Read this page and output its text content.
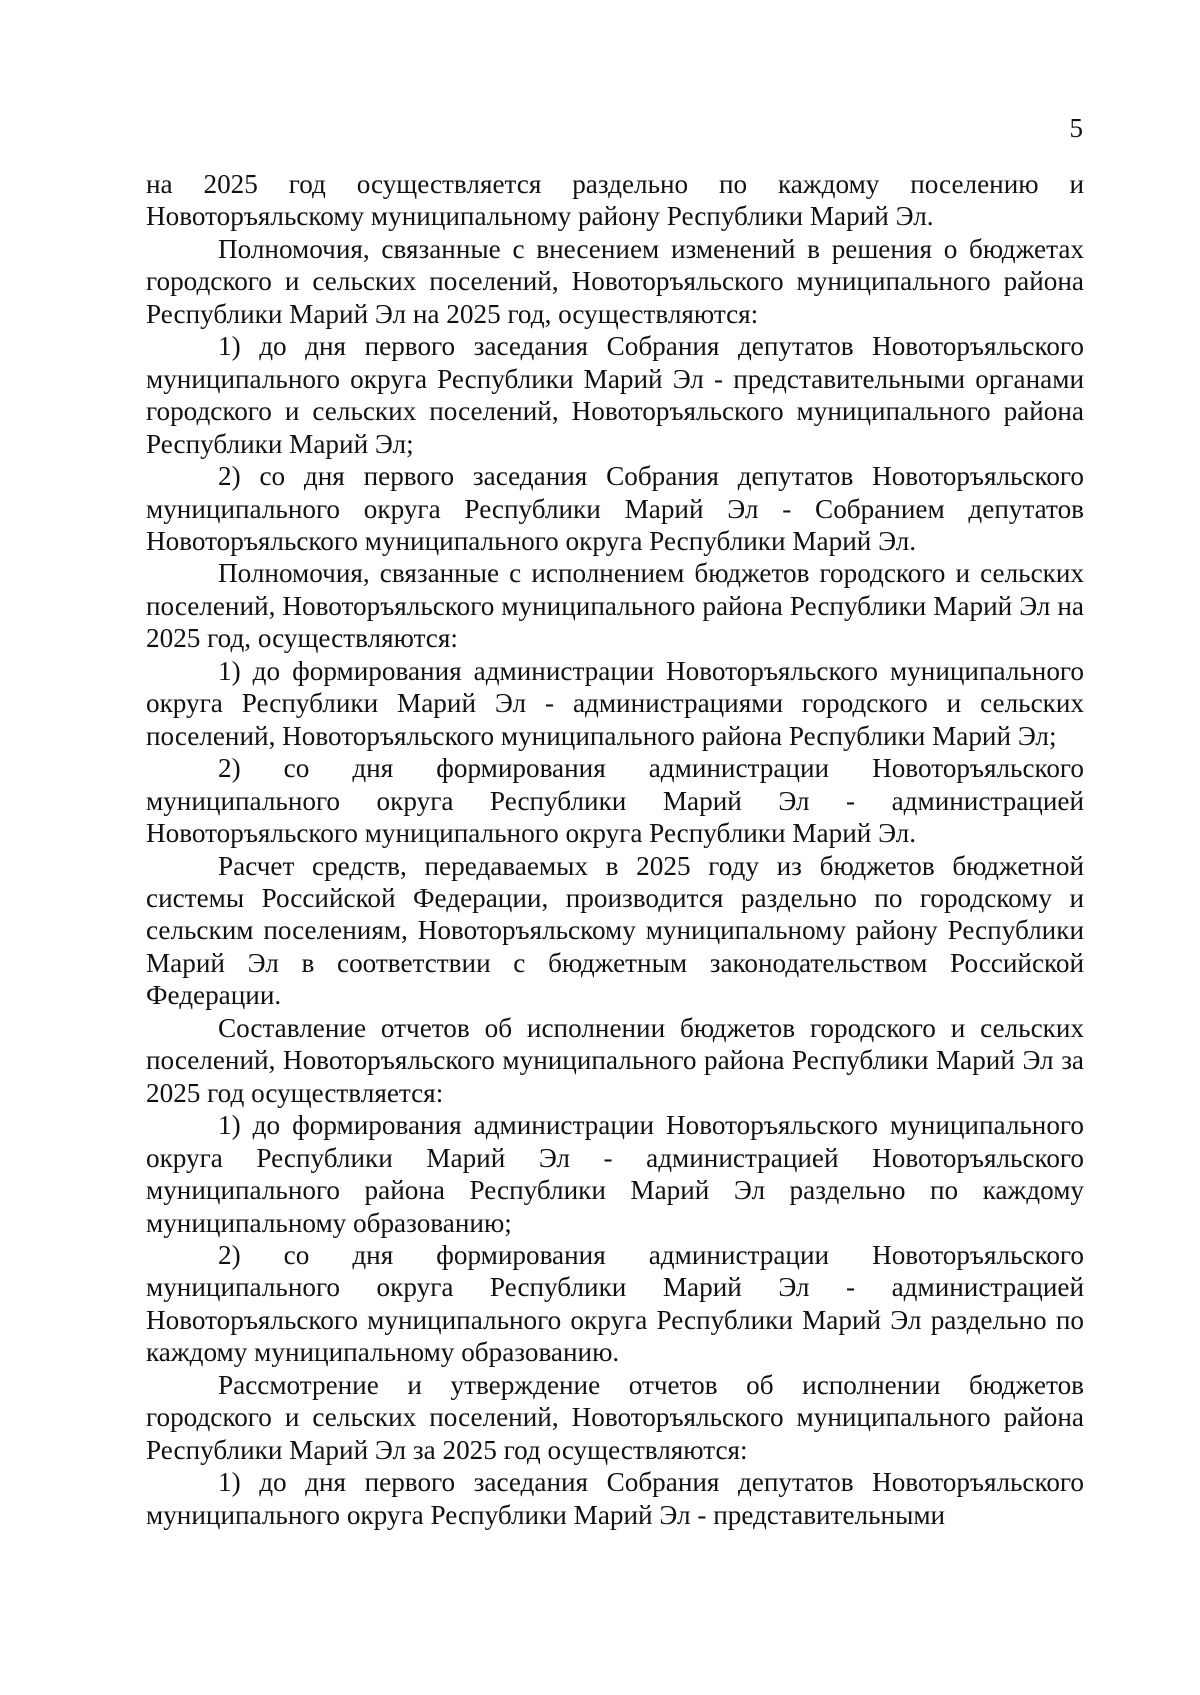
5

на 2025 год осуществляется раздельно по каждому поселению и Новоторъяльскому муниципальному району Республики Марий Эл.

Полномочия, связанные с внесением изменений в решения о бюджетах городского и сельских поселений, Новоторъяльского муниципального района Республики Марий Эл на 2025 год, осуществляются:

1) до дня первого заседания Собрания депутатов Новоторъяльского муниципального округа Республики Марий Эл - представительными органами городского и сельских поселений, Новоторъяльского муниципального района Республики Марий Эл;

2) со дня первого заседания Собрания депутатов Новоторъяльского муниципального округа Республики Марий Эл - Собранием депутатов Новоторъяльского муниципального округа Республики Марий Эл.

Полномочия, связанные с исполнением бюджетов городского и сельских поселений, Новоторъяльского муниципального района Республики Марий Эл на 2025 год, осуществляются:

1) до формирования администрации Новоторъяльского муниципального округа Республики Марий Эл - администрациями городского и сельских поселений, Новоторъяльского муниципального района Республики Марий Эл;

2) со дня формирования администрации Новоторъяльского муниципального округа Республики Марий Эл - администрацией Новоторъяльского муниципального округа Республики Марий Эл.

Расчет средств, передаваемых в 2025 году из бюджетов бюджетной системы Российской Федерации, производится раздельно по городскому и сельским поселениям, Новоторъяльскому муниципальному району Республики Марий Эл в соответствии с бюджетным законодательством Российской Федерации.

Составление отчетов об исполнении бюджетов городского и сельских поселений, Новоторъяльского муниципального района Республики Марий Эл за 2025 год осуществляется:

1) до формирования администрации Новоторъяльского муниципального округа Республики Марий Эл - администрацией Новоторъяльского муниципального района Республики Марий Эл раздельно по каждому муниципальному образованию;

2) со дня формирования администрации Новоторъяльского муниципального округа Республики Марий Эл - администрацией Новоторъяльского муниципального округа Республики Марий Эл раздельно по каждому муниципальному образованию.

Рассмотрение и утверждение отчетов об исполнении бюджетов городского и сельских поселений, Новоторъяльского муниципального района Республики Марий Эл за 2025 год осуществляются:

1) до дня первого заседания Собрания депутатов Новоторъяльского муниципального округа Республики Марий Эл - представительными
